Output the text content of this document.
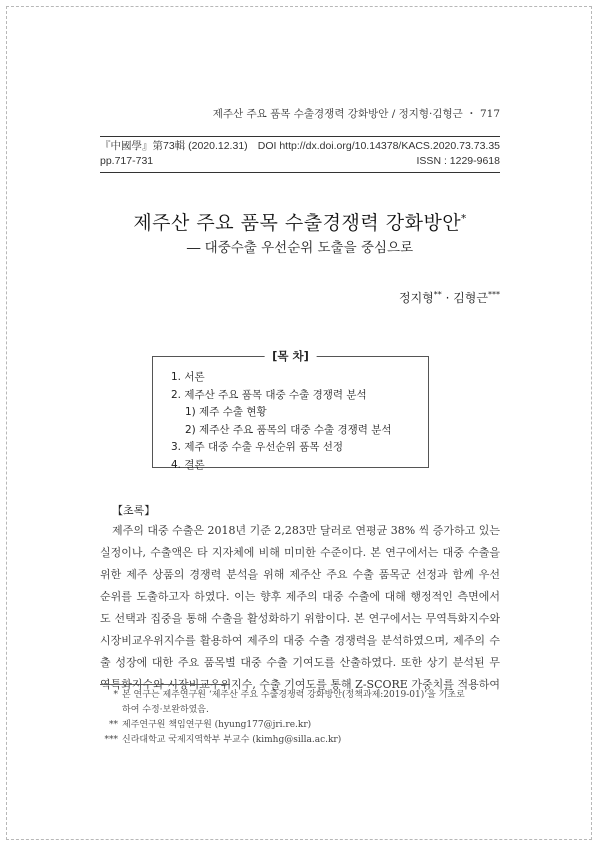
제주산 주요 품목 수출경쟁력 강화방안 / 정지형·김형근 ・ 717
『中國學』第73輯 (2020.12.31) DOI http://dx.doi.org/10.14378/KACS.2020.73.73.35
pp.717-731	ISSN : 1229-9618
제주산 주요 품목 수출경쟁력 강화방안*
― 대중수출 우선순위 도출을 중심으로
정지형** · 김형근***
[목 차]
1. 서론
2. 제주산 주요 품목 대중 수출 경쟁력 분석
1) 제주 수출 현황
2) 제주산 주요 품목의 대중 수출 경쟁력 분석
3. 제주 대중 수출 우선순위 품목 선정
4. 결론
【초록】
제주의 대중 수출은 2018년 기준 2,283만 달러로 연평균 38% 씩 증가하고 있는
실정이나, 수출액은 타 지자체에 비해 미미한 수준이다. 본 연구에서는 대중 수출을
위한 제주 상품의 경쟁력 분석을 위해 제주산 주요 수출 품목군 선정과 함께 우선
순위를 도출하고자 하였다. 이는 향후 제주의 대중 수출에 대해 행정적인 측면에서
도 선택과 집중을 통해 수출을 활성화하기 위함이다. 본 연구에서는 무역특화지수와
시장비교우위지수를 활용하여 제주의 대중 수출 경쟁력을 분석하였으며, 제주의 수
출 성장에 대한 주요 품목별 대중 수출 기여도를 산출하였다. 또한 상기 분석된 무
역특화지수와 시장비교우위지수, 수출 기여도를 통해 Z-SCORE 가중치를 적용하여
* 본 연구는 제주연구원 ‘제주산 주요 수출경쟁력 강화방안(정책과제:2019-01)’을 기초로
하여 수정·보완하였음.
** 제주연구원 책임연구원 (hyung177@jri.re.kr)
*** 신라대학교 국제지역학부 부교수 (kimhg@silla.ac.kr)
